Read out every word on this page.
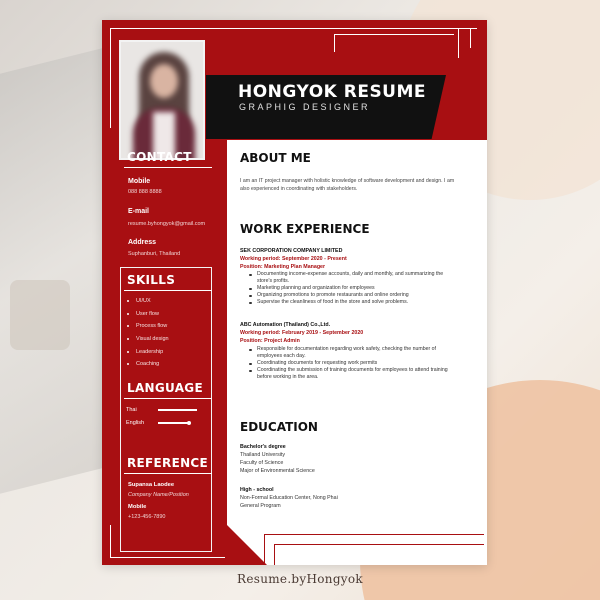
HONGYOK RESUME
GRAPHIG DESIGNER
CONTACT
Mobile
088 888 8888
E-mail
resume.byhongyok@gmail.com
Address
Suphanburi, Thailand
SKILLS
UI/UX
User flow
Process flow
Visual design
Leadership
Coaching
LANGUAGE
Thai
English
REFERENCE
Supansa Laodee
Company Name/Position
Mobile
+123-456-7890
ABOUT ME
I am an IT project manager with holistic knowledge of software development and design. I am also experienced in coordinating with stakeholders.
WORK EXPERIENCE
SEK CORPORATION COMPANY LIMITED
Working period: September 2020 - Present
Position: Marketing Plan Manager
Documenting income-expense accounts, daily and monthly, and summarizing the store's profits.
Marketing planning and organization for employees
Organizing promotions to promote restaurants and online ordering
Supervise the cleanliness of food in the store and solve problems.
ABC Automation (Thailand) Co.,Ltd.
Working period: February 2019 - September 2020
Position: Project Admin
Responsible for documentation regarding work safety, checking the number of employees each day.
Coordinating documents for requesting work permits
Coordinating the submission of training documents for employees to attend training before working in the area.
EDUCATION
Bachelor's degree
Thailand University
Faculty of Science
Major of Environmental Science
High - school
Non-Formal Education Center, Nong Phai
General Program
Resume.byHongyok
